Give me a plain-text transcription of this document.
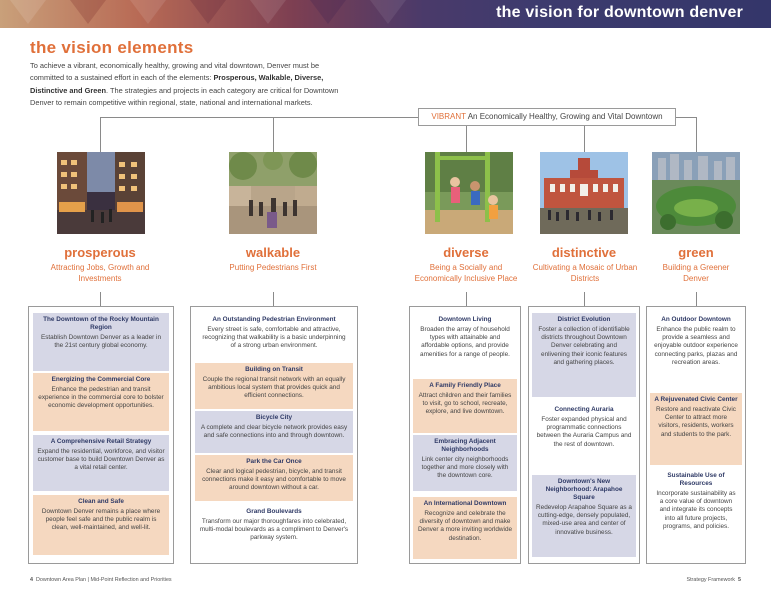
the vision for downtown denver
the vision elements
To achieve a vibrant, economically healthy, growing and vital downtown, Denver must be committed to a sustained effort in each of the elements: Prosperous, Walkable, Diverse, Distinctive and Green. The strategies and projects in each category are critical for Downtown Denver to remain competitive within regional, state, national and international markets.
VIBRANT An Economically Healthy, Growing and Vital Downtown
prosperous
Attracting Jobs, Growth and Investments
walkable
Putting Pedestrians First
diverse
Being a Socially and Economically Inclusive Place
distinctive
Cultivating a Mosaic of Urban Districts
green
Building a Greener Denver
The Downtown of the Rocky Mountain Region
Establish Downtown Denver as a leader in the 21st century global economy.
Energizing the Commercial Core
Enhance the pedestrian and transit experience in the commercial core to bolster economic development opportunities.
A Comprehensive Retail Strategy
Expand the residential, workforce, and visitor customer base to build Downtown Denver as a vital retail center.
Clean and Safe
Downtown Denver remains a place where people feel safe and the public realm is clean, well-maintained, and well-lit.
An Outstanding Pedestrian Environment
Every street is safe, comfortable and attractive, recognizing that walkability is a basic underpinning of a strong urban environment.
Building on Transit
Couple the regional transit network with an equally ambitious local system that provides quick and efficient connections.
Bicycle City
A complete and clear bicycle network provides easy and safe connections into and through downtown.
Park the Car Once
Clear and logical pedestrian, bicycle, and transit connections make it easy and comfortable to move around downtown without a car.
Grand Boulevards
Transform our major thoroughfares into celebrated, multi-modal boulevards as a compliment to Denver's parkway system.
Downtown Living
Broaden the array of household types with attainable and affordable options, and provide amenities for a range of people.
A Family Friendly Place
Attract children and their families to visit, go to school, recreate, explore, and live downtown.
Embracing Adjacent Neighborhoods
Link center city neighborhoods together and more closely with the downtown core.
An International Downtown
Recognize and celebrate the diversity of downtown and make Denver a more inviting worldwide destination.
District Evolution
Foster a collection of identifiable districts throughout Downtown Denver celebrating and enlivening their iconic features and gathering places.
Connecting Auraria
Foster expanded physical and programmatic connections between the Auraria Campus and the rest of downtown.
Downtown's New Neighborhood: Arapahoe Square
Redevelop Arapahoe Square as a cutting-edge, densely populated, mixed-use area and center of innovative business.
An Outdoor Downtown
Enhance the public realm to provide a seamless and enjoyable outdoor experience connecting parks, plazas and recreation areas.
A Rejuvenated Civic Center
Restore and reactivate Civic Center to attract more visitors, residents, workers and students to the park.
Sustainable Use of Resources
Incorporate sustainability as a core value of downtown and integrate its concepts into all future projects, programs, and policies.
4 Downtown Area Plan | Mid-Point Reflection and Priorities	Strategy Framework 5
